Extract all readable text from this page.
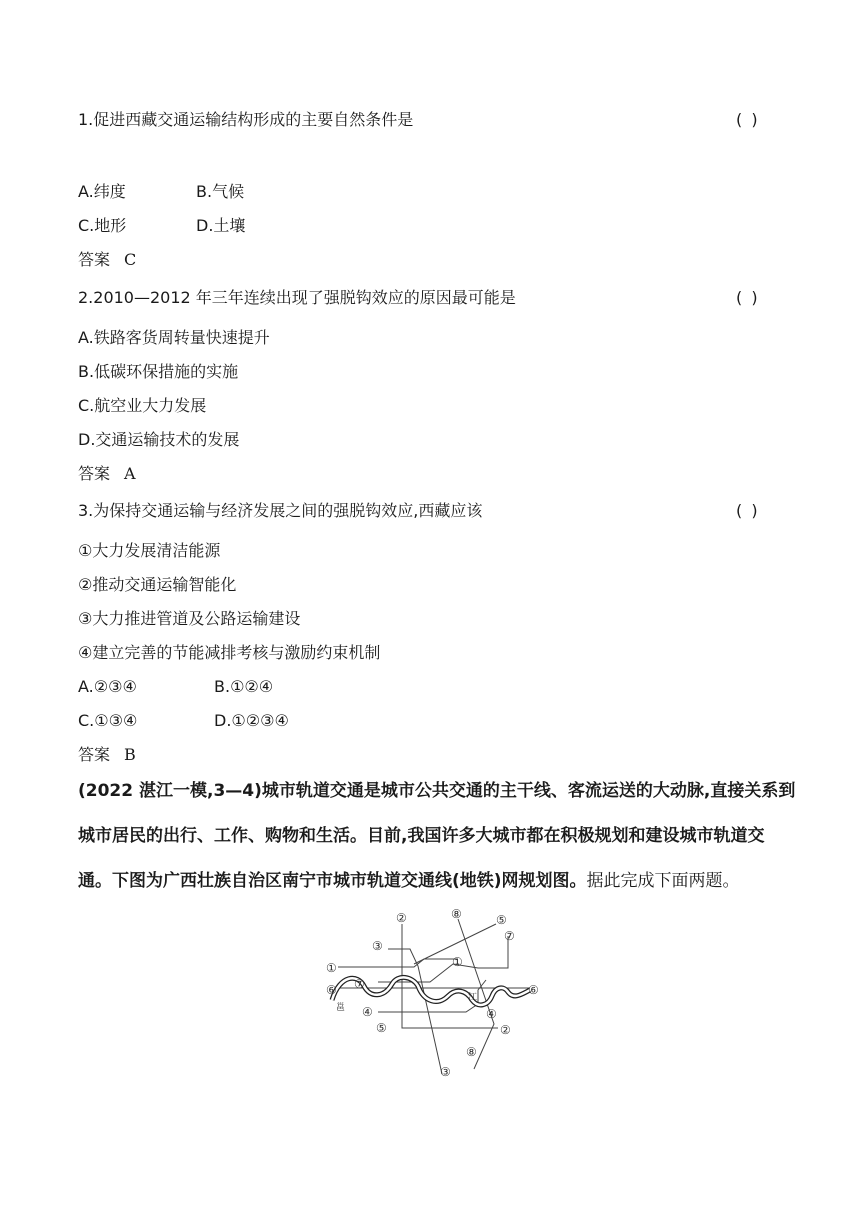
1.促进西藏交通运输结构形成的主要自然条件是	( )
A.纬度	B.气候
C.地形	D.土壤
答案 C
2.2010—2012 年三年连续出现了强脱钩效应的原因最可能是	( )
A.铁路客货周转量快速提升
B.低碳环保措施的实施
C.航空业大力发展
D.交通运输技术的发展
答案 A
3.为保持交通运输与经济发展之间的强脱钩效应,西藏应该	( )
①大力发展清洁能源
②推动交通运输智能化
③大力推进管道及公路运输建设
④建立完善的节能减排考核与激励约束机制
A.②③④	B.①②④
C.①③④	D.①②③④
答案 B
(2022 湛江一模,3—4)城市轨道交通是城市公共交通的主干线、客流运送的大动脉,直接关系到
城市居民的出行、工作、购物和生活。目前,我国许多大城市都在积极规划和建设城市轨道交
通。下图为广西壮族自治区南宁市城市轨道交通线(地铁)网规划图。据此完成下面两题。
①
⑥ ⑦
③
②	⑧	⑤
⑦
①
⑥
④
⑤
④
②
⑧
③
邕
江
